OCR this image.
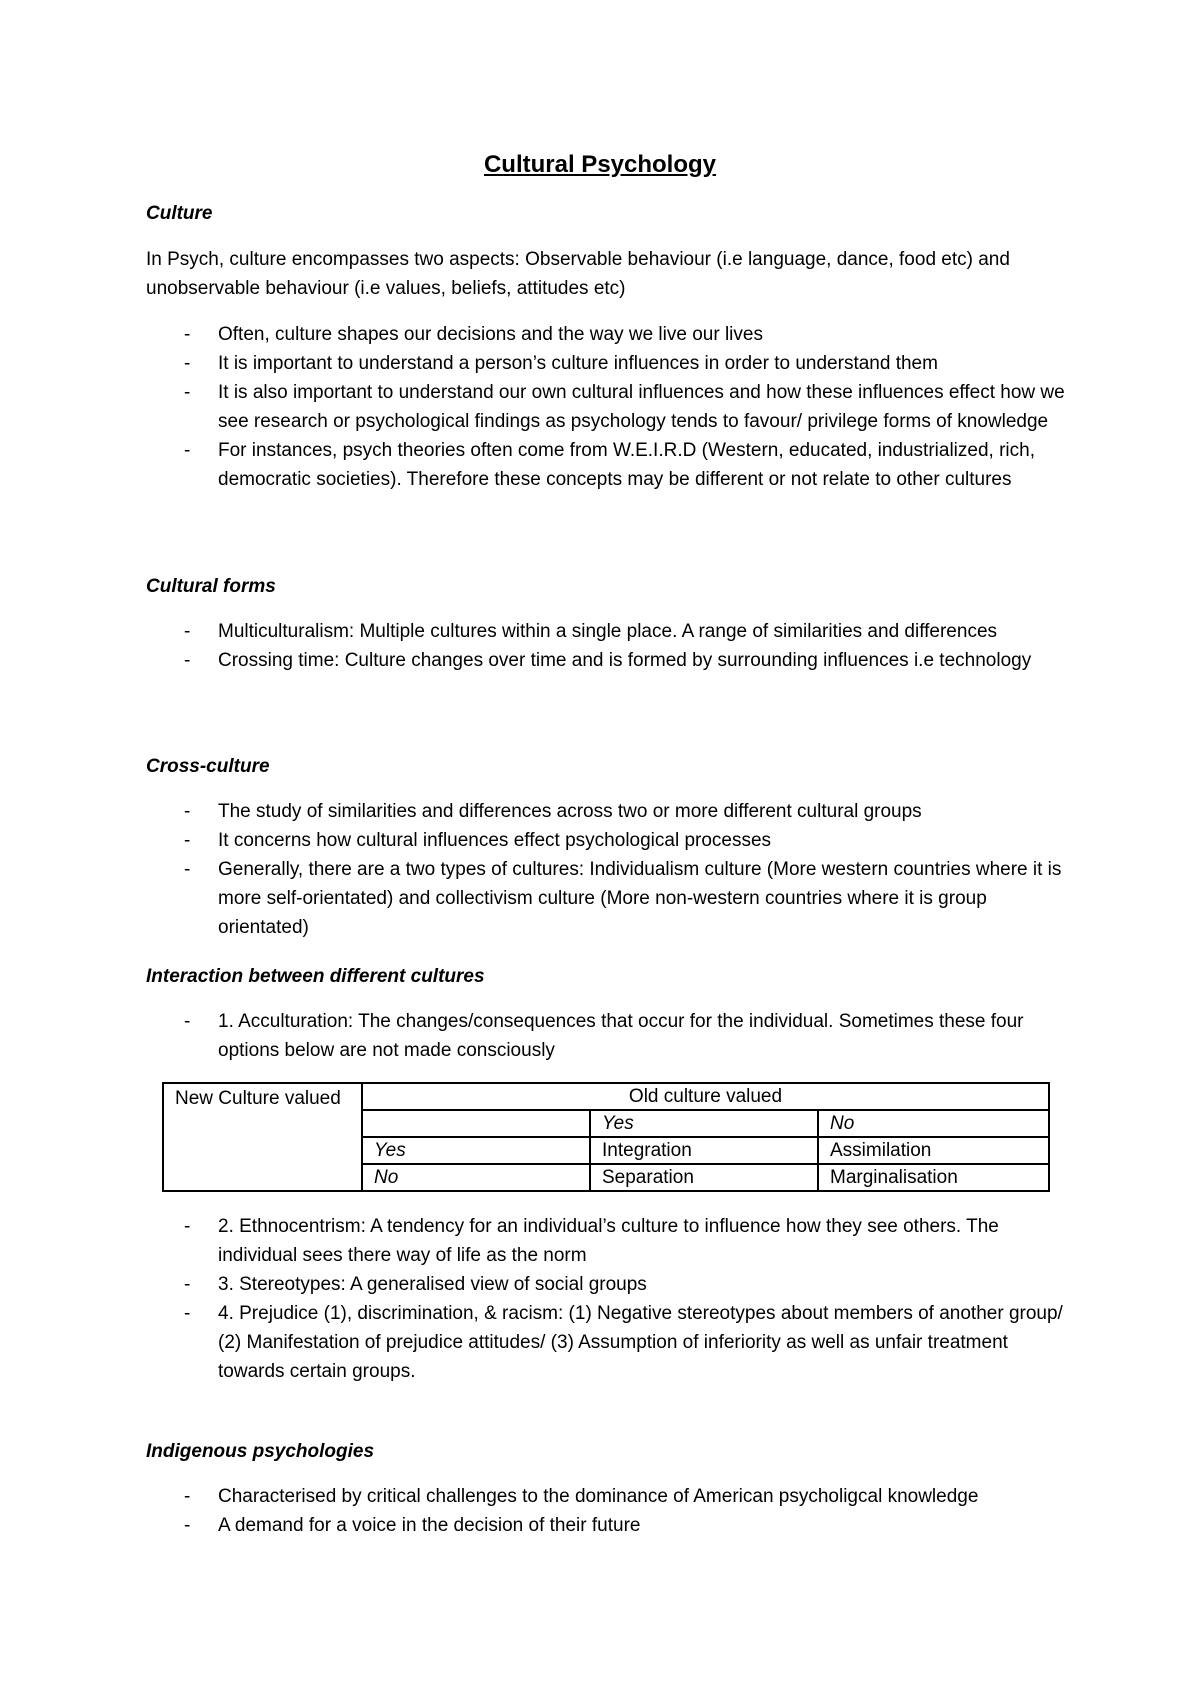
Cultural Psychology
Culture

In Psych, culture encompasses two aspects: Observable behaviour (i.e language, dance, food etc) and unobservable behaviour (i.e values, beliefs, attitudes etc)

- Often, culture shapes our decisions and the way we live our lives
- It is important to understand a person’s culture influences in order to understand them
- It is also important to understand our own cultural influences and how these influences effect how we see research or psychological findings as psychology tends to favour/ privilege forms of knowledge
- For instances, psych theories often come from W.E.I.R.D (Western, educated, industrialized, rich, democratic societies). Therefore these concepts may be different or not relate to other cultures
Cultural forms
- Multiculturalism: Multiple cultures within a single place. A range of similarities and differences
- Crossing time: Culture changes over time and is formed by surrounding influences i.e technology
Cross-culture
- The study of similarities and differences across two or more different cultural groups
- It concerns how cultural influences effect psychological processes
- Generally, there are a two types of cultures: Individualism culture (More western countries where it is more self-orientated) and collectivism culture (More non-western countries where it is group orientated)
Interaction between different cultures
- 1. Acculturation: The changes/consequences that occur for the individual. Sometimes these four options below are not made consciously
New Culture valued	Old culture valued		
		Yes	No
	Yes	Integration	Assimilation
	No	Separation	Marginalisation
- 2. Ethnocentrism: A tendency for an individual’s culture to influence how they see others. The individual sees there way of life as the norm
- 3. Stereotypes: A generalised view of social groups
- 4. Prejudice (1), discrimination, & racism: (1) Negative stereotypes about members of another group/ (2) Manifestation of prejudice attitudes/ (3) Assumption of inferiority as well as unfair treatment towards certain groups.
Indigenous psychologies
- Characterised by critical challenges to the dominance of American psycholigcal knowledge
- A demand for a voice in the decision of their future
